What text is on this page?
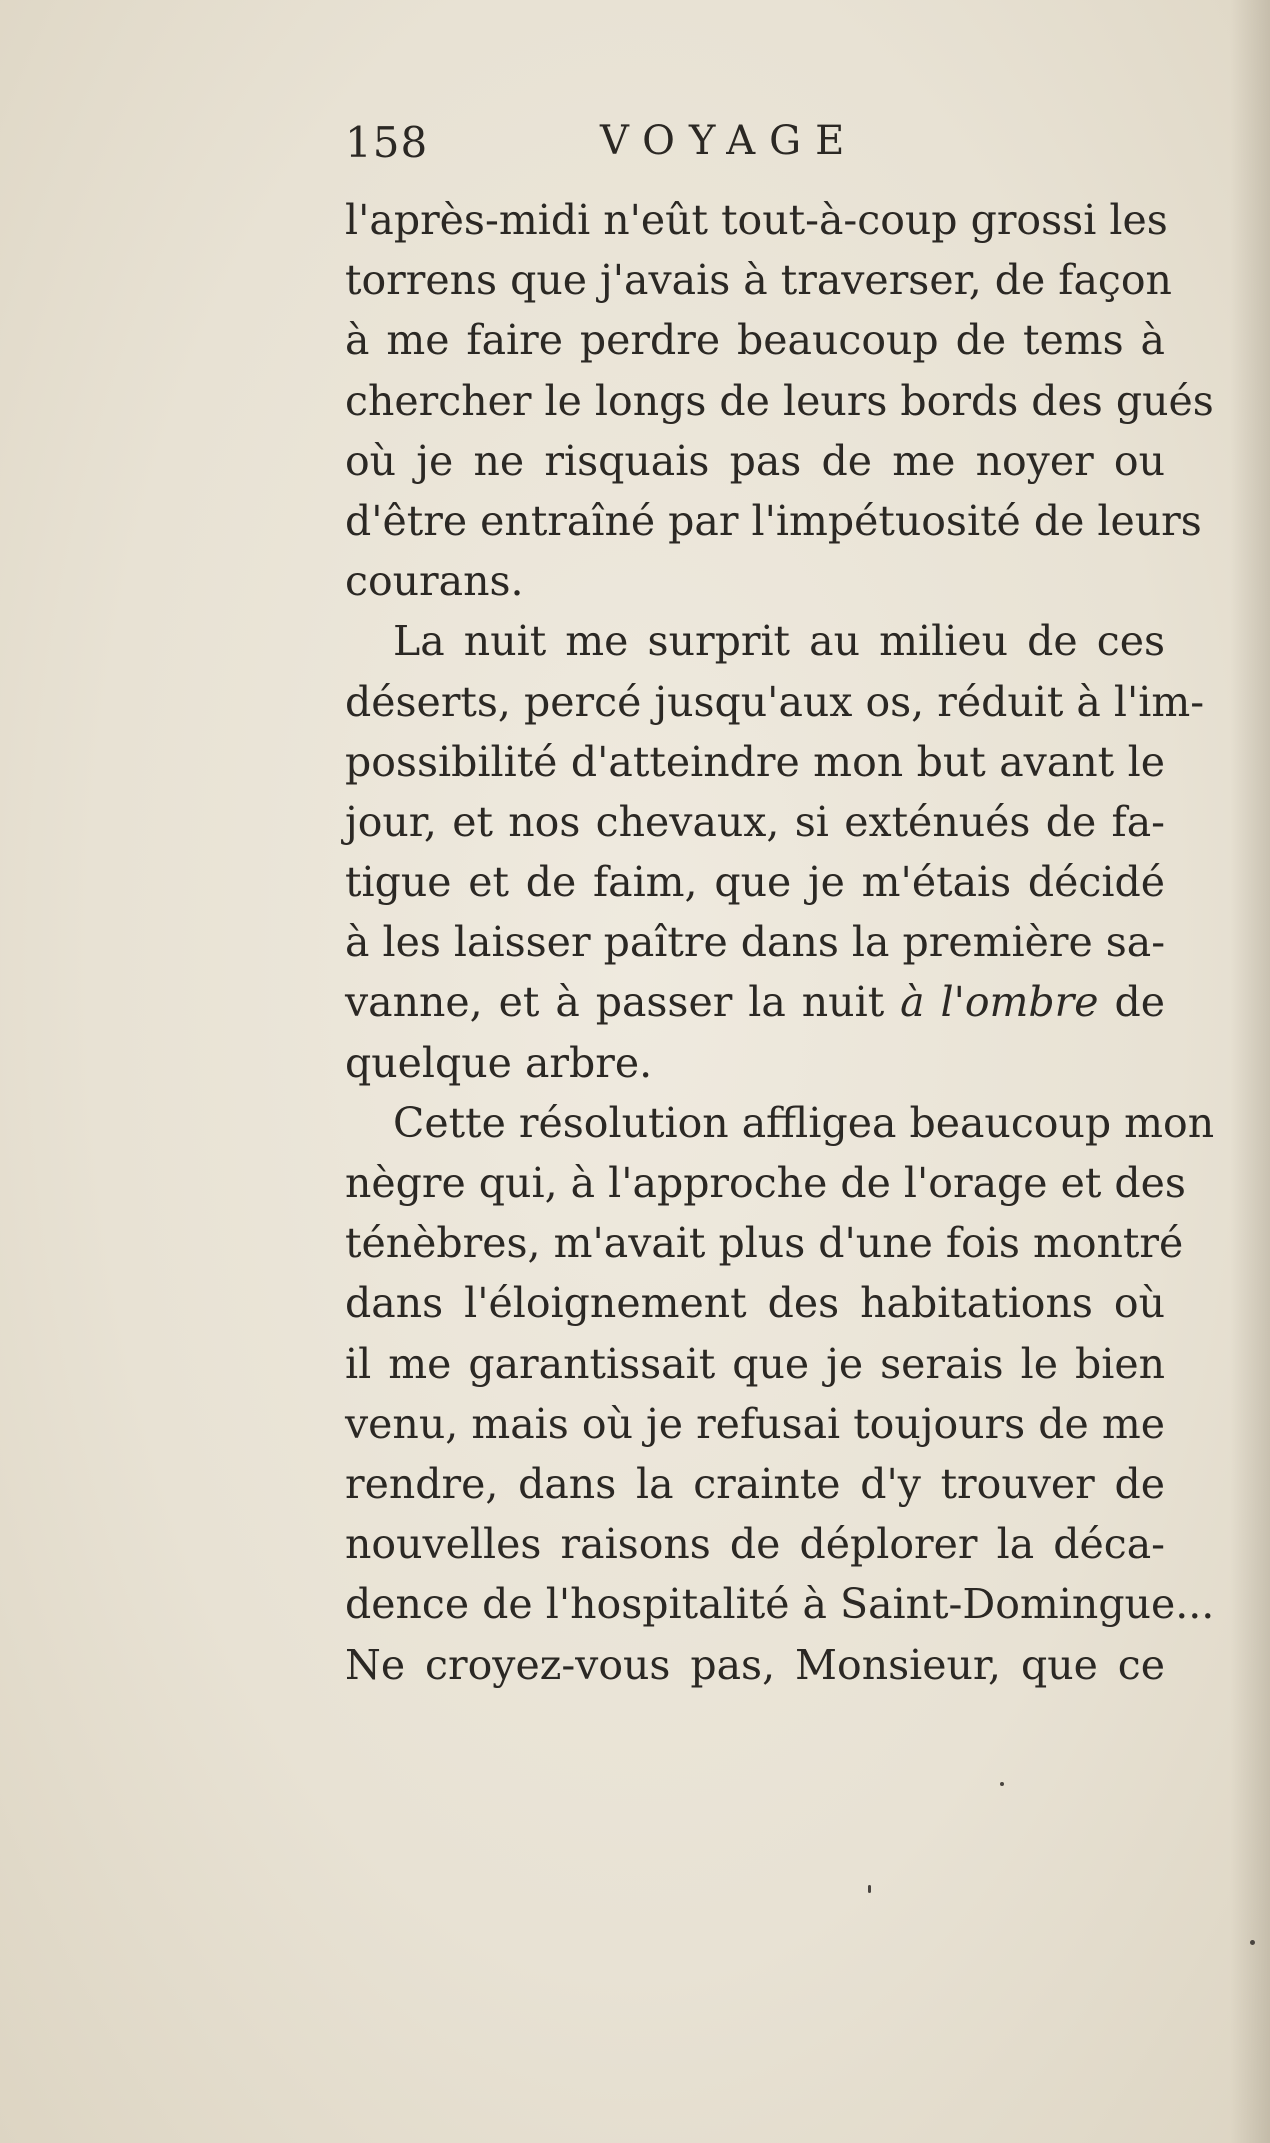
158	VOYAGE
l'après-midi n'eût tout-à-coup grossi les
torrens que j'avais à traverser, de façon
à me faire perdre beaucoup de tems à
chercher le longs de leurs bords des gués
où je ne risquais pas de me noyer ou
d'être entraîné par l'impétuosité de leurs
courans.
La nuit me surprit au milieu de ces
déserts, percé jusqu'aux os, réduit à l'im-
possibilité d'atteindre mon but avant le
jour, et nos chevaux, si exténués de fa-
tigue et de faim, que je m'étais décidé
à les laisser paître dans la première sa-
vanne, et à passer la nuit à l'ombre de
quelque arbre.
Cette résolution affligea beaucoup mon
nègre qui, à l'approche de l'orage et des
ténèbres, m'avait plus d'une fois montré
dans l'éloignement des habitations où
il me garantissait que je serais le bien
venu, mais où je refusai toujours de me
rendre, dans la crainte d'y trouver de
nouvelles raisons de déplorer la déca-
dence de l'hospitalité à Saint-Domingue...
Ne croyez-vous pas, Monsieur, que ce
